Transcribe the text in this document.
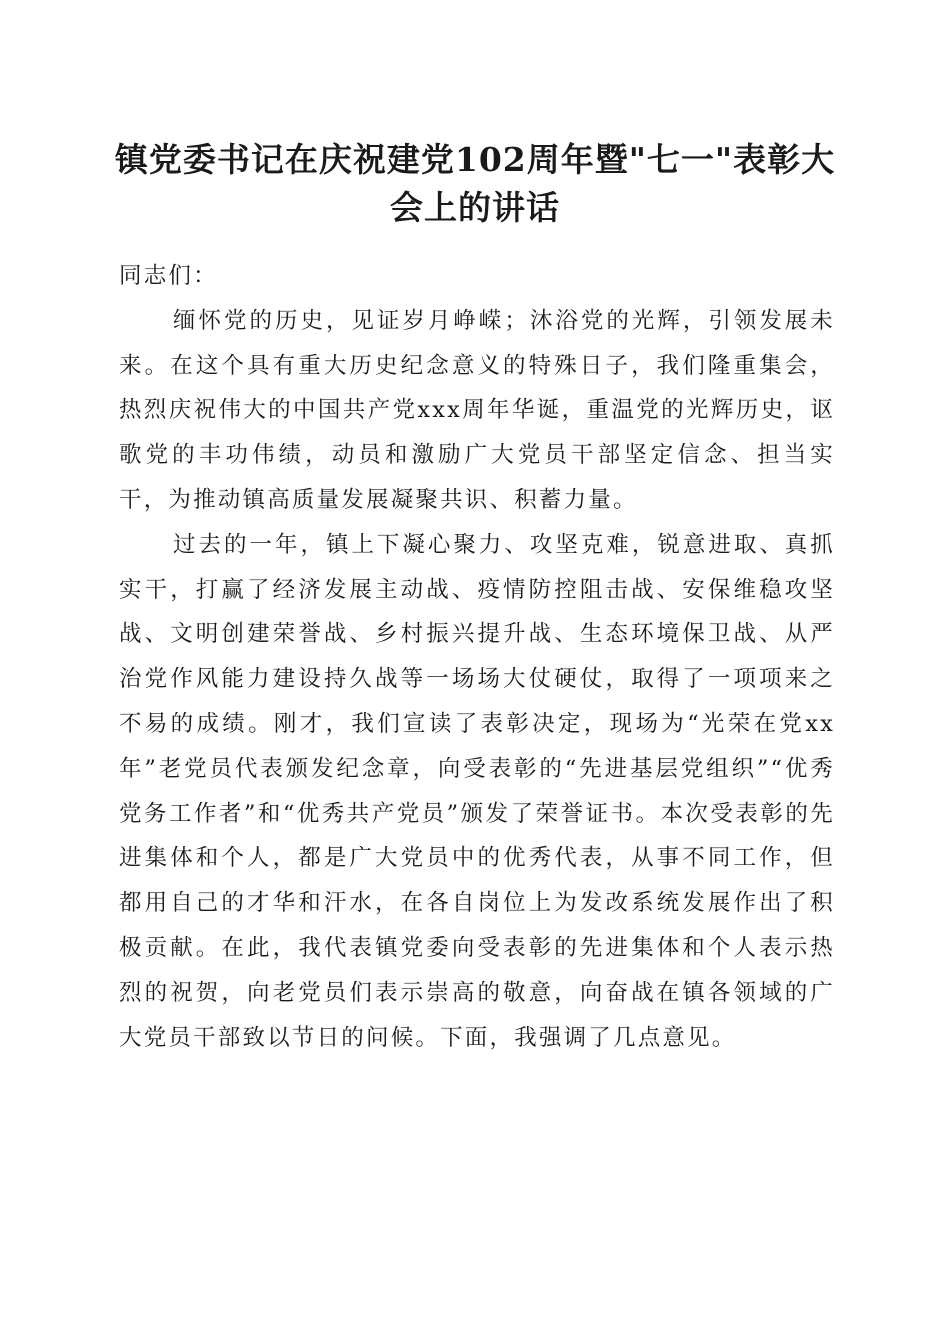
镇党委书记在庆祝建党102周年暨"七一"表彰大会上的讲话

同志们：

缅怀党的历史，见证岁月峥嵘；沐浴党的光辉，引领发展未来。在这个具有重大历史纪念意义的特殊日子，我们隆重集会，热烈庆祝伟大的中国共产党xxx周年华诞，重温党的光辉历史，讴歌党的丰功伟绩，动员和激励广大党员干部坚定信念、担当实干，为推动镇高质量发展凝聚共识、积蓄力量。

过去的一年，镇上下凝心聚力、攻坚克难，锐意进取、真抓实干，打赢了经济发展主动战、疫情防控阻击战、安保维稳攻坚战、文明创建荣誉战、乡村振兴提升战、生态环境保卫战、从严治党作风能力建设持久战等一场场大仗硬仗，取得了一项项来之不易的成绩。刚才，我们宣读了表彰决定，现场为“光荣在党xx年”老党员代表颁发纪念章，向受表彰的“先进基层党组织”“优秀党务工作者”和“优秀共产党员”颁发了荣誉证书。本次受表彰的先进集体和个人，都是广大党员中的优秀代表，从事不同工作，但都用自己的才华和汗水，在各自岗位上为发改系统发展作出了积极贡献。在此，我代表镇党委向受表彰的先进集体和个人表示热烈的祝贺，向老党员们表示崇高的敬意，向奋战在镇各领域的广大党员干部致以节日的问候。下面，我强调了几点意见。
